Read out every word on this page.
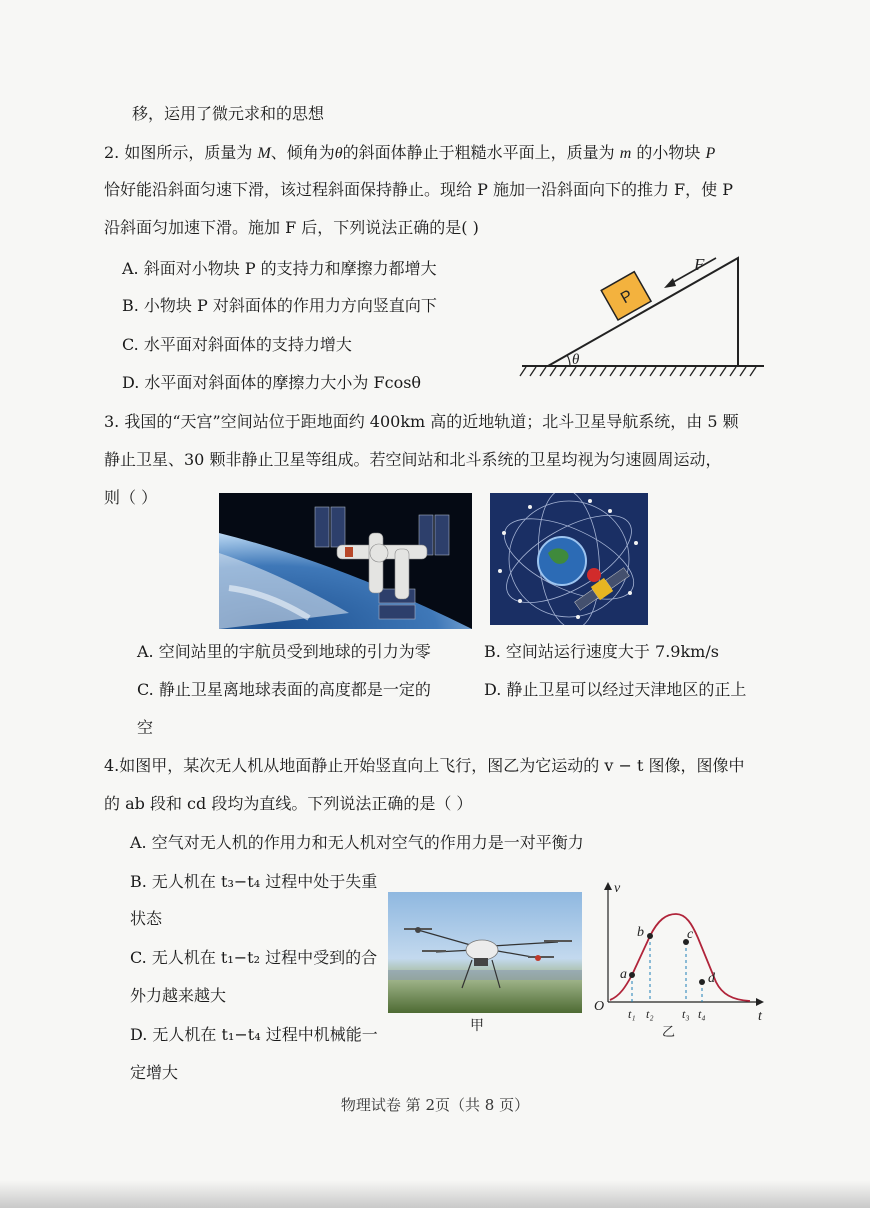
移，运用了微元求和的思想
2. 如图所示，质量为 M、倾角为θ的斜面体静止于粗糙水平面上，质量为 m 的小物块 P
恰好能沿斜面匀速下滑，该过程斜面保持静止。现给 P 施加一沿斜面向下的推力 F，使 P
沿斜面匀加速下滑。施加 F 后，下列说法正确的是( )
A. 斜面对小物块 P 的支持力和摩擦力都增大
B. 小物块 P 对斜面体的作用力方向竖直向下
C. 水平面对斜面体的支持力增大
D. 水平面对斜面体的摩擦力大小为 Fcosθ
P
F
θ
3. 我国的“天宫”空间站位于距地面约 400km 高的近地轨道；北斗卫星导航系统，由 5 颗
静止卫星、30 颗非静止卫星等组成。若空间站和北斗系统的卫星均视为匀速圆周运动，
则（ ）
A. 空间站里的宇航员受到地球的引力为零	B. 空间站运行速度大于 7.9km/s
C. 静止卫星离地球表面的高度都是一定的	D. 静止卫星可以经过天津地区的正上
空
4.如图甲，某次无人机从地面静止开始竖直向上飞行，图乙为它运动的 v − t 图像，图像中
的 ab 段和 cd 段均为直线。下列说法正确的是（ ）
A. 空气对无人机的作用力和无人机对空气的作用力是一对平衡力
B. 无人机在 t₃−t₄ 过程中处于失重
状态
C. 无人机在 t₁−t₂ 过程中受到的合
外力越来越大
D. 无人机在 t₁−t₄ 过程中机械能一
定增大
甲
v
t
a
b	c
d
O t₁ t₂ t₃ t₄
乙
物理试卷 第 2页（共 8 页）
